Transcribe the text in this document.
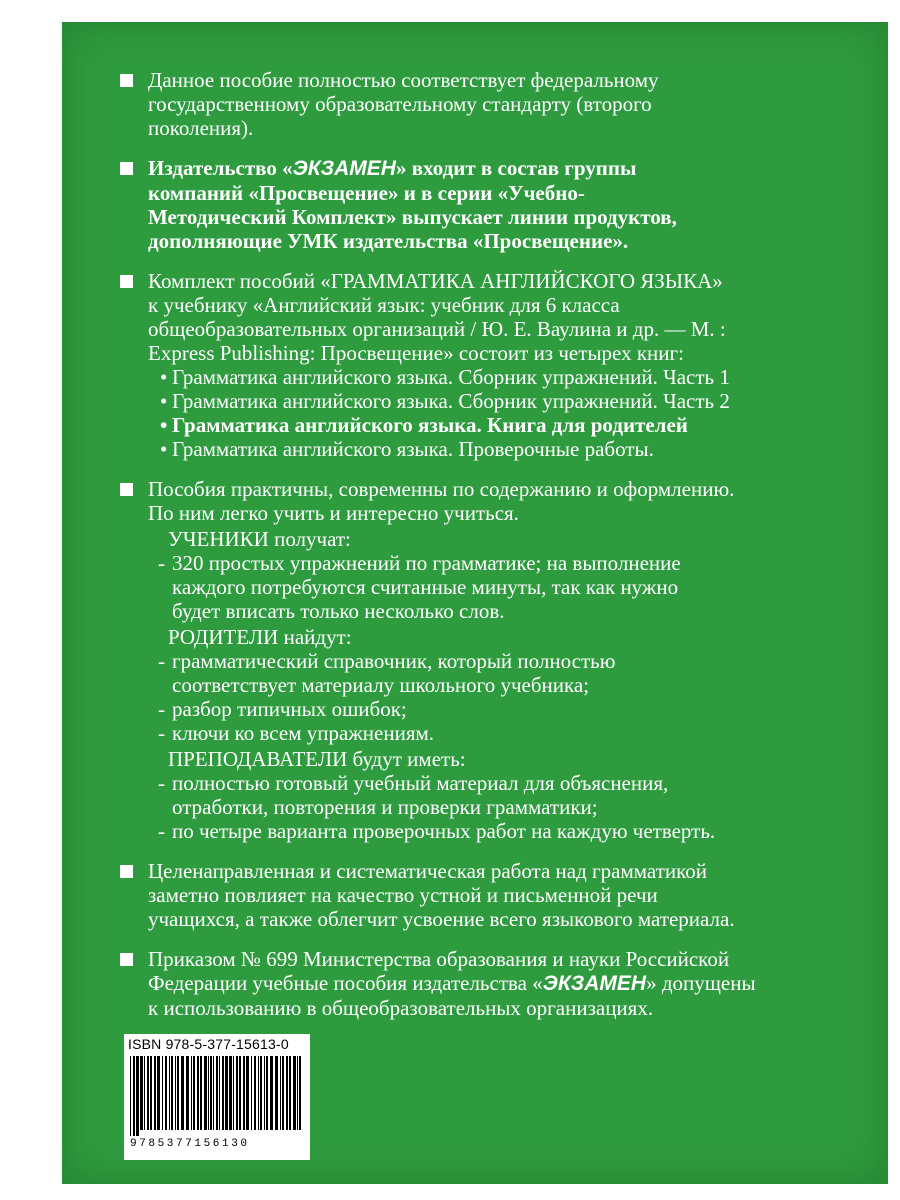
Данное пособие полностью соответствует федеральному
государственному образовательному стандарту (второго
поколения).
Издательство «ЭКЗАМЕН» входит в состав группы
компаний «Просвещение» и в серии «Учебно-
Методический Комплект» выпускает линии продуктов,
дополняющие УМК издательства «Просвещение».
Комплект пособий «ГРАММАТИКА АНГЛИЙСКОГО ЯЗЫКА»
к учебнику «Английский язык: учебник для 6 класса
общеобразовательных организаций / Ю. Е. Ваулина и др. — М. :
Express Publishing: Просвещение» состоит из четырех книг:
• Грамматика английского языка. Сборник упражнений. Часть 1
• Грамматика английского языка. Сборник упражнений. Часть 2
• Грамматика английского языка. Книга для родителей
• Грамматика английского языка. Проверочные работы.
Пособия практичны, современны по содержанию и оформлению.
По ним легко учить и интересно учиться.
УЧЕНИКИ получат:
- 320 простых упражнений по грамматике; на выполнение
каждого потребуются считанные минуты, так как нужно
будет вписать только несколько слов.
РОДИТЕЛИ найдут:
- грамматический справочник, который полностью
соответствует материалу школьного учебника;
- разбор типичных ошибок;
- ключи ко всем упражнениям.
ПРЕПОДАВАТЕЛИ будут иметь:
- полностью готовый учебный материал для объяснения,
отработки, повторения и проверки грамматики;
- по четыре варианта проверочных работ на каждую четверть.
Целенаправленная и систематическая работа над грамматикой
заметно повлияет на качество устной и письменной речи
учащихся, а также облегчит усвоение всего языкового материала.
Приказом № 699 Министерства образования и науки Российской
Федерации учебные пособия издательства «ЭКЗАМЕН» допущены
к использованию в общеобразовательных организациях.
ISBN 978-5-377-15613-0
9785377156130
